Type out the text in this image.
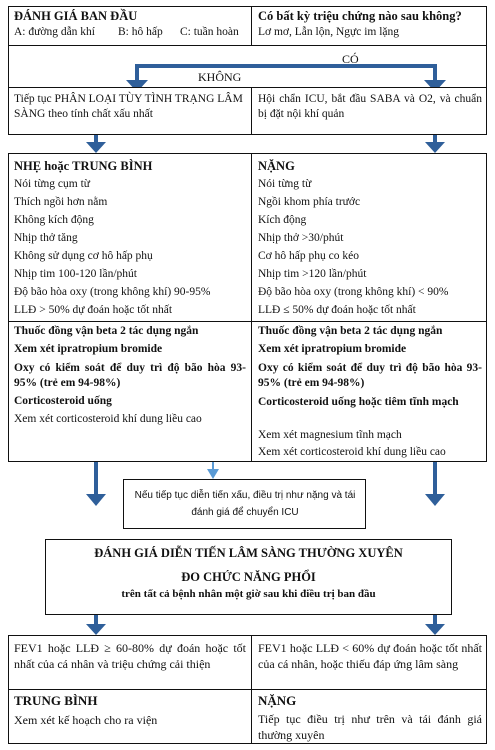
ĐÁNH GIÁ BAN ĐẦU
A: đường dẫn khí B: hô hấp C: tuần hoàn
Có bất kỳ triệu chứng nào sau không?
Lơ mơ, Lẫn lộn, Ngực im lặng
KHÔNG
CÓ

Tiếp tục PHÂN LOẠI TÙY TÌNH TRẠNG LÂM SÀNG theo tính chất xấu nhất

Hội chẩn ICU, bắt đầu SABA và O2, và chuẩn bị đặt nội khí quản

NHẸ hoặc TRUNG BÌNH
Nói từng cụm từ
Thích ngồi hơn nằm
Không kích động
Nhịp thở tăng
Không sử dụng cơ hô hấp phụ
Nhịp tim 100-120 lần/phút
Độ bão hòa oxy (trong không khí) 90-95%
LLĐ > 50% dự đoán hoặc tốt nhất
Thuốc đồng vận beta 2 tác dụng ngắn
Xem xét ipratropium bromide

Oxy có kiểm soát để duy trì độ bão hòa 93-95% (trẻ em 94-98%)

Corticosteroid uống
Xem xét corticosteroid khí dung liều cao
NẶNG
Nói từng từ
Ngồi khom phía trước
Kích động
Nhịp thở >30/phút
Cơ hô hấp phụ co kéo
Nhịp tim >120 lần/phút
Độ bão hòa oxy (trong không khí) < 90%
LLĐ ≤ 50% dự đoán hoặc tốt nhất
Thuốc đồng vận beta 2 tác dụng ngắn
Xem xét ipratropium bromide

Oxy có kiểm soát để duy trì độ bão hòa 93-95% (trẻ em 94-98%)

Corticosteroid uống hoặc tiêm tĩnh mạch

Xem xét magnesium tĩnh mạch
Xem xét corticosteroid khí dung liều cao

Nếu tiếp tục diễn tiến xấu, điều trị như nặng và tái đánh giá để chuyển ICU

ĐÁNH GIÁ DIỄN TIẾN LÂM SÀNG THƯỜNG XUYÊN
ĐO CHỨC NĂNG PHỔI
trên tất cả bệnh nhân một giờ sau khi điều trị ban đầu

FEV1 hoặc LLĐ ≥ 60-80% dự đoán hoặc tốt nhất của cá nhân và triệu chứng cải thiện

TRUNG BÌNH
Xem xét kế hoạch cho ra viện

FEV1 hoặc LLĐ < 60% dự đoán hoặc tốt nhất của cá nhân, hoặc thiếu đáp ứng lâm sàng

NẶNG

Tiếp tục điều trị như trên và tái đánh giá thường xuyên
